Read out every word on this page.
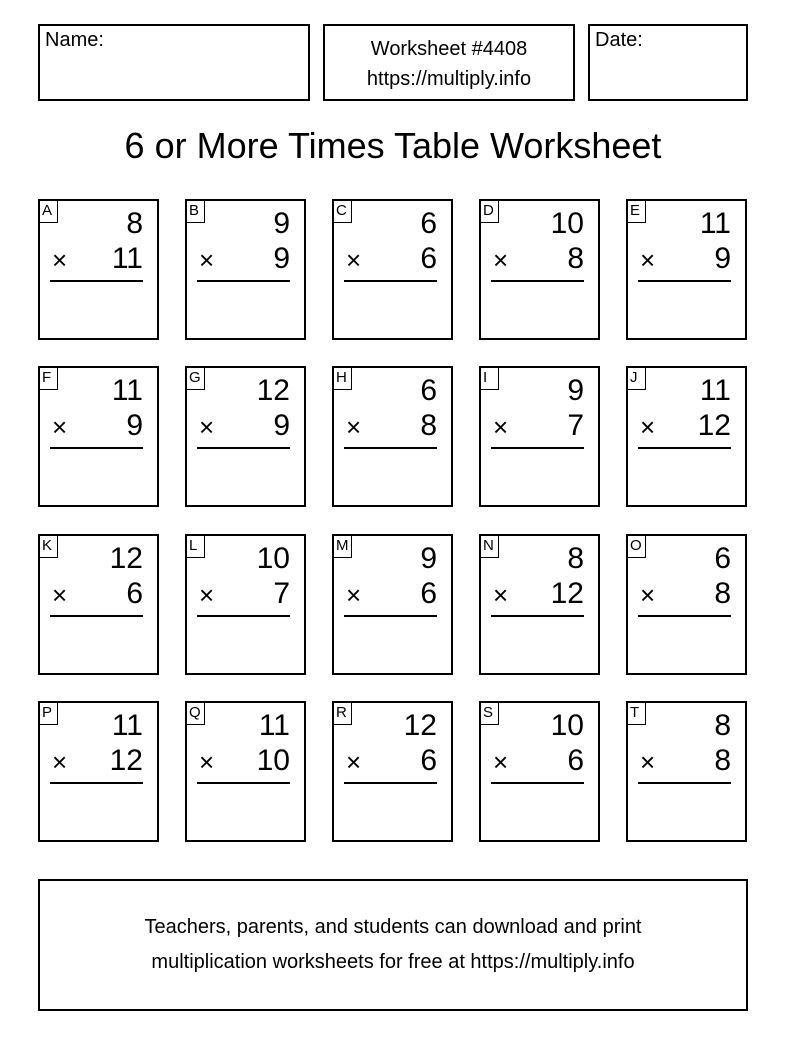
Name:	Worksheet #4408
https://multiply.info
Date:
6 or More Times Table Worksheet
A 8
× 11
B 9
× 9
C 6
× 6
D 10
× 8
E 11
× 9
F 11
× 9
G 12
× 9
H 6
× 8
I	9
× 7
J 11
× 12
K 12
× 6
L 10
× 7
M 9
× 6
N 8
× 12
O 6
× 8
P 11
× 12
Q 11
× 10
R 12
× 6
S 10
× 6
T	8
× 8
Teachers, parents, and students can download and print
multiplication worksheets for free at https://multiply.info
